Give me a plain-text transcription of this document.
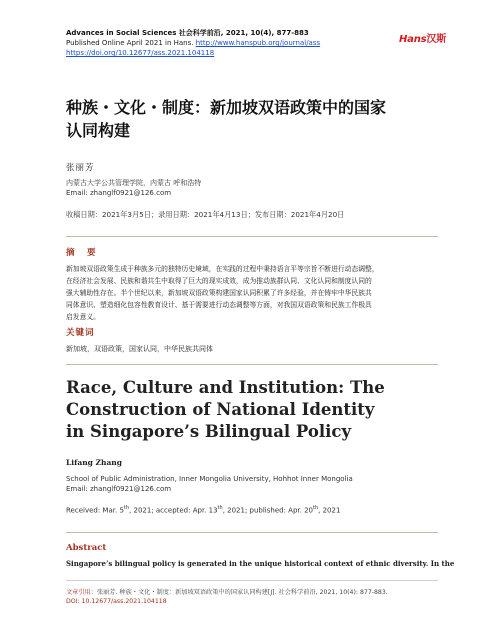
Advances in Social Sciences 社会科学前沿, 2021, 10(4), 877-883
Published Online April 2021 in Hans. http://www.hanspub.org/journal/ass
https://doi.org/10.12677/ass.2021.104118
Hans汉斯
种族・文化・制度：新加坡双语政策中的国家
认同构建
张丽芳
内蒙古大学公共管理学院，内蒙古 呼和浩特
Email: zhanglf0921@126.com
收稿日期：2021年3月5日；录用日期：2021年4月13日；发布日期：2021年4月20日
摘　要
新加坡双语政策生成于种族多元的独特历史境域，在实践的过程中秉持语言平等宗旨不断进行动态调整，
在经济社会发展、民族和谐共生中取得了巨大的现实成效，成为推动族群认同、文化认同和制度认同的
强大辅助性存在。半个世纪以来，新加坡双语政策构建国家认同积累了许多经验，并在铸牢中华民族共
同体意识、塑造细化包容性教育设计、基于需要进行动态调整等方面，对我国双语政策和民族工作极具
启发意义。
关键词
新加坡，双语政策，国家认同，中华民族共同体
Race, Culture and Institution: The
Construction of National Identity
in Singapore’s Bilingual Policy
Lifang Zhang
School of Public Administration, Inner Mongolia University, Hohhot Inner Mongolia
Email: zhanglf0921@126.com
Received: Mar. 5th, 2021; accepted: Apr. 13th, 2021; published: Apr. 20th, 2021
Abstract
Singapore’s bilingual policy is generated in the unique historical context of ethnic diversity. In the
文章引用：张丽芳. 种族・文化・制度：新加坡双语政策中的国家认同构建[J]. 社会科学前沿, 2021, 10(4): 877-883.
DOI: 10.12677/ass.2021.104118
